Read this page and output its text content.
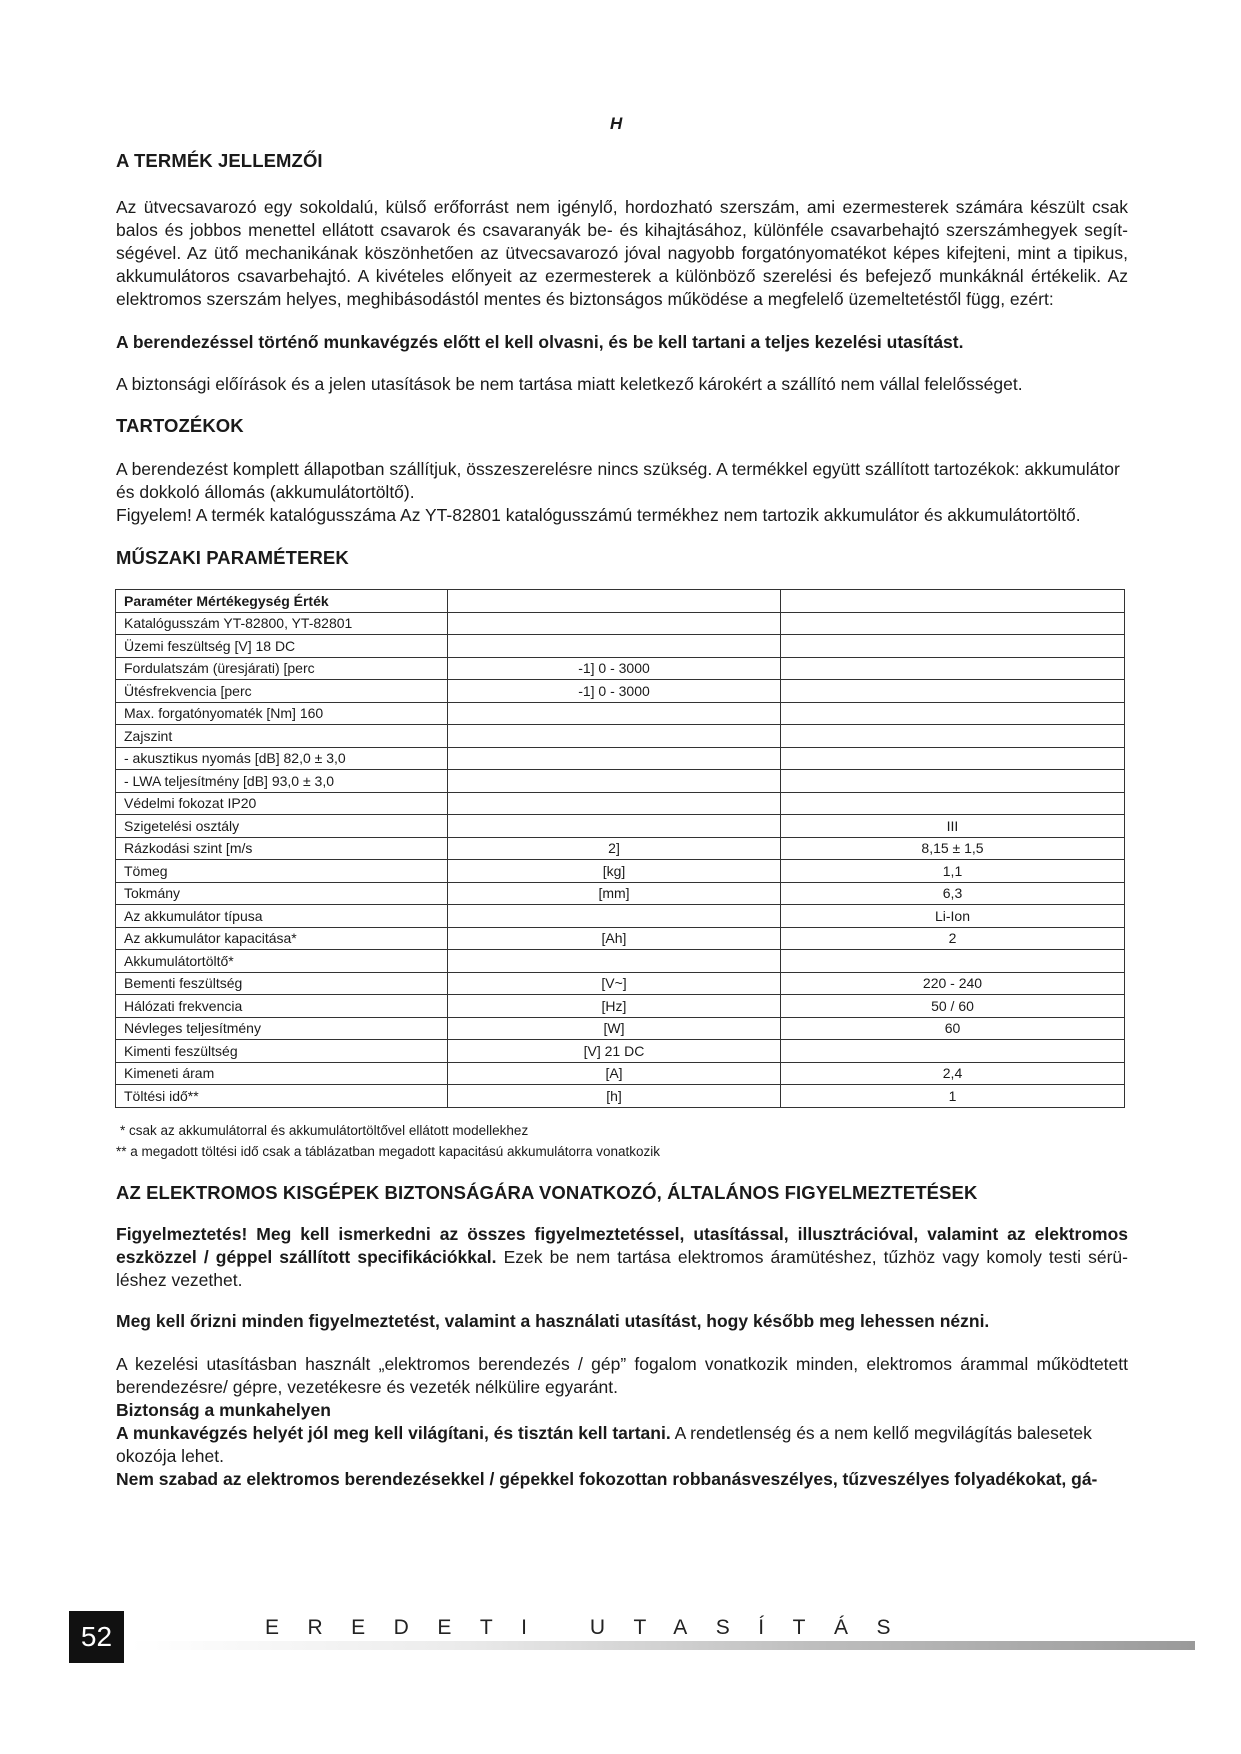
H

A TERMÉK JELLEMZŐI

Az ütvecsavarozó egy sokoldalú, külső erőforrást nem igénylő, hordozható szerszám, ami ezermesterek számára készült csak balos és jobbos menettel ellátott csavarok és csavaranyák be- és kihajtásához, különféle csavarbehajtó szerszámhegyek segít-ségével. Az ütő mechanikának köszönhetően az ütvecsavarozó jóval nagyobb forgatónyomatékot képes kifejteni, mint a tipikus, akkumulátoros csavarbehajtó. A kivételes előnyeit az ezermesterek a különböző szerelési és befejező munkáknál értékelik. Az elektromos szerszám helyes, meghibásodástól mentes és biztonságos működése a megfelelő üzemeltetéstől függ, ezért:

A berendezéssel történő munkavégzés előtt el kell olvasni, és be kell tartani a teljes kezelési utasítást.

A biztonsági előírások és a jelen utasítások be nem tartása miatt keletkező károkért a szállító nem vállal felelősséget.

TARTOZÉKOK

A berendezést komplett állapotban szállítjuk, összeszerelésre nincs szükség. A termékkel együtt szállított tartozékok: akkumulátor és dokkoló állomás (akkumulátortöltő).

Figyelem! A termék katalógusszáma Az YT-82801 katalógusszámú termékhez nem tartozik akkumulátor és akkumulátortöltő.

MŰSZAKI PARAMÉTEREK

Paraméter Mértékegység Érték		
Katalógusszám YT-82800, YT-82801		
Üzemi feszültség [V] 18 DC		
Fordulatszám (üresjárati) [perc	-1] 0 - 3000	
Ütésfrekvencia [perc	-1] 0 - 3000	
Max. forgatónyomaték [Nm] 160		
Zajszint		
- akusztikus nyomás [dB] 82,0 ± 3,0		
- LWA teljesítmény [dB] 93,0 ± 3,0		
Védelmi fokozat IP20		
Szigetelési osztály		III
Rázkodási szint [m/s	2]	8,15 ± 1,5
Tömeg	[kg]	1,1
Tokmány	[mm]	6,3
Az akkumulátor típusa		Li-Ion
Az akkumulátor kapacitása*	[Ah]	2
Akkumulátortöltő*		
Bementi feszültség	[V~]	220 - 240
Hálózati frekvencia	[Hz]	50 / 60
Névleges teljesítmény	[W]	60
Kimenti feszültség	[V] 21 DC	
Kimeneti áram	[A]	2,4
Töltési idő**	[h]	1

* csak az akkumulátorral és akkumulátortöltővel ellátott modellekhez

** a megadott töltési idő csak a táblázatban megadott kapacitású akkumulátorra vonatkozik

AZ ELEKTROMOS KISGÉPEK BIZTONSÁGÁRA VONATKOZÓ, ÁLTALÁNOS FIGYELMEZTETÉSEK

Figyelmeztetés! Meg kell ismerkedni az összes figyelmeztetéssel, utasítással, illusztrációval, valamint az elektromos eszközzel / géppel szállított specifikációkkal. Ezek be nem tartása elektromos áramütéshez, tűzhöz vagy komoly testi sérü-léshez vezethet.

Meg kell őrizni minden figyelmeztetést, valamint a használati utasítást, hogy később meg lehessen nézni.

A kezelési utasításban használt „elektromos berendezés / gép” fogalom vonatkozik minden, elektromos árammal működtetett berendezésre/ gépre, vezetékesre és vezeték nélkülire egyaránt.

Biztonság a munkahelyen

A munkavégzés helyét jól meg kell világítani, és tisztán kell tartani. A rendetlenség és a nem kellő megvilágítás balesetek okozója lehet.

Nem szabad az elektromos berendezésekkel / gépekkel fokozottan robbanásveszélyes, tűzveszélyes folyadékokat, gá-

52	EREDETI UTASÍTÁS
